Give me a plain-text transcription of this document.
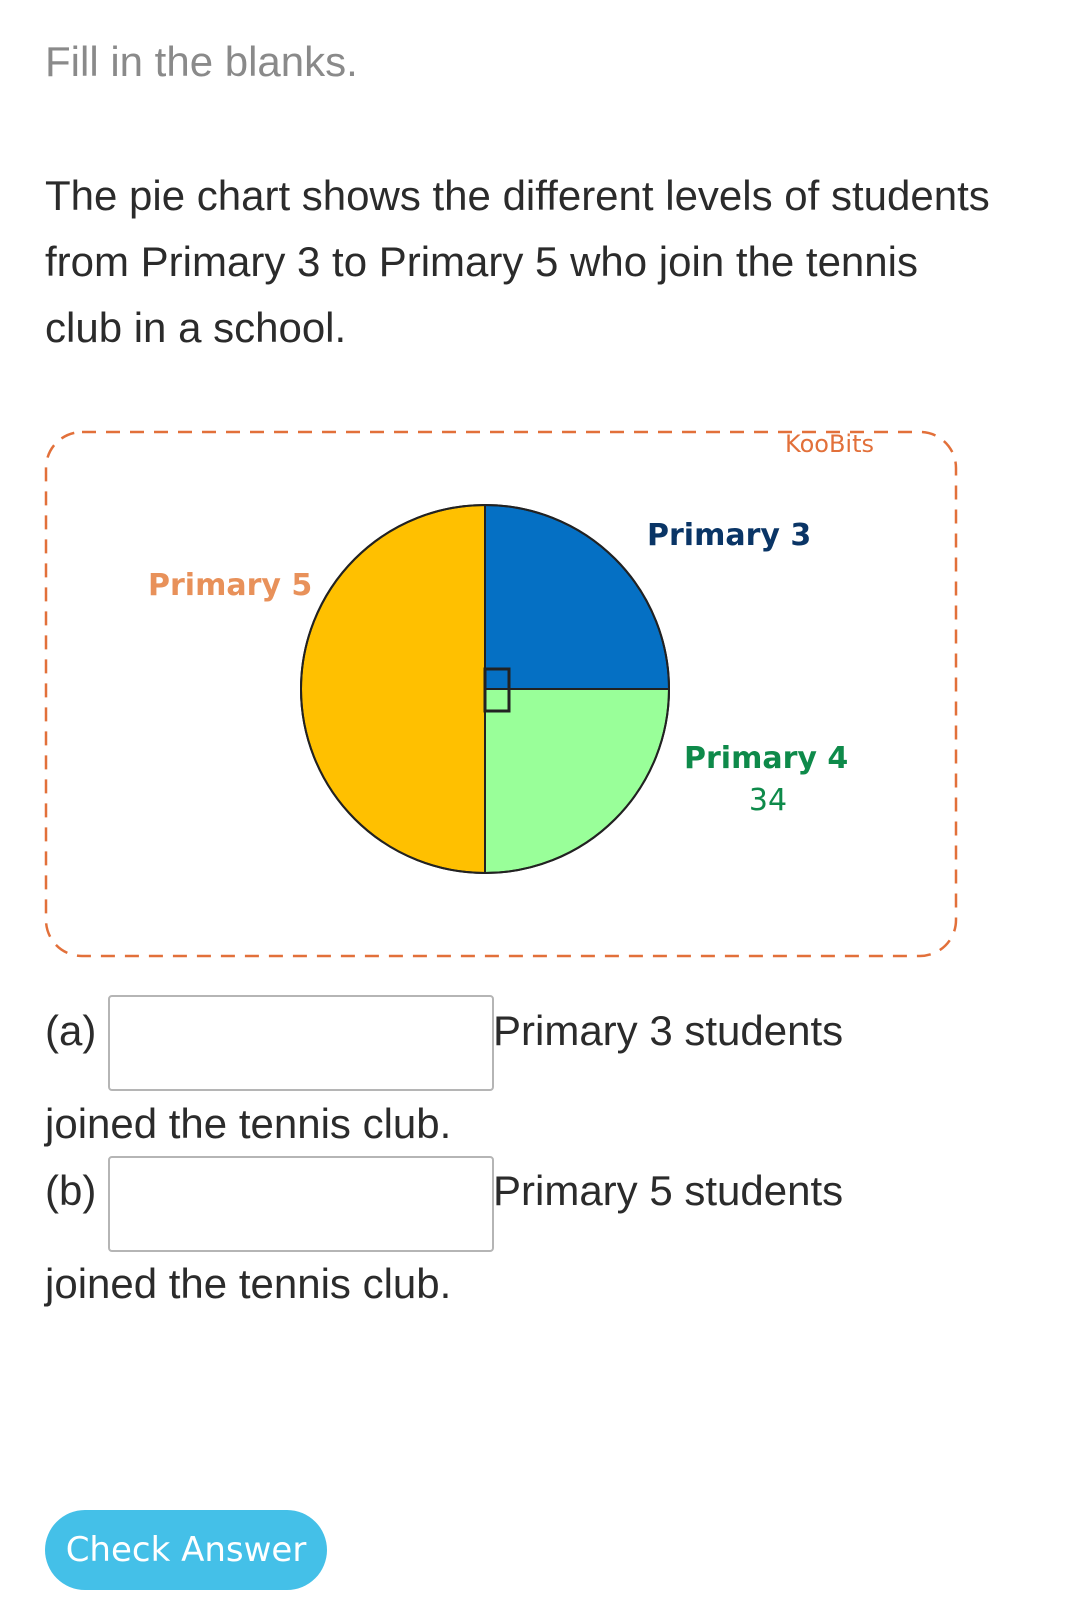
Fill in the blanks.
The pie chart shows the different levels of students from Primary 3 to Primary 5 who join the tennis club in a school.
KooBits
Primary 3
Primary 4
34
Primary 5
(a)	Primary 3 students
joined the tennis club.
(b)	Primary 5 students
joined the tennis club.
Check Answer
